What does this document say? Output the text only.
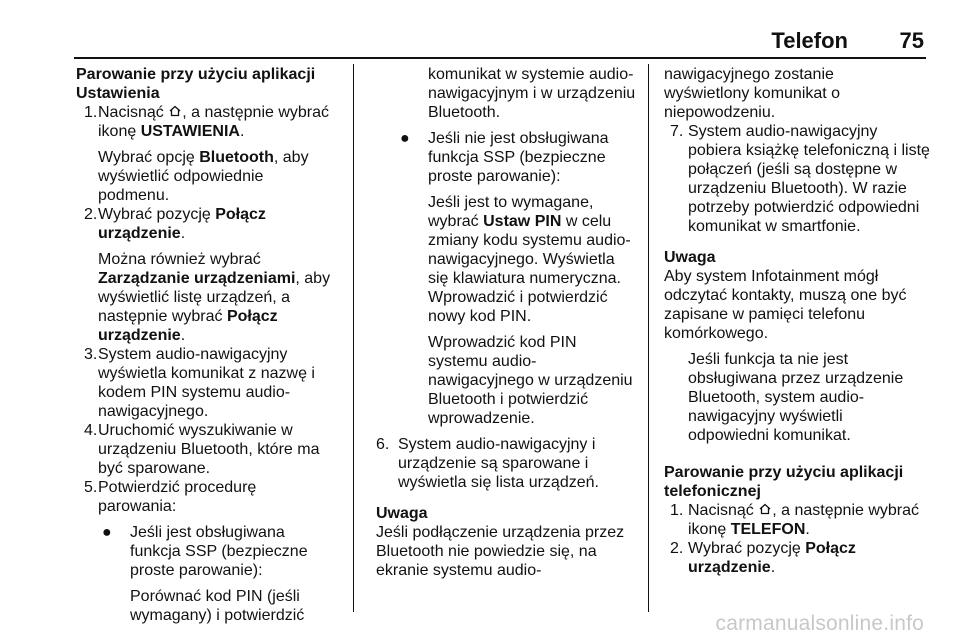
Telefon 75
Parowanie przy użyciu aplikacji
Ustawienia
1. Nacisnąć , a następnie wybrać
ikonę USTAWIENIA.
Wybrać opcję Bluetooth, aby
wyświetlić odpowiednie
podmenu.
2. Wybrać pozycję Połącz
urządzenie.
Można również wybrać
Zarządzanie urządzeniami, aby
wyświetlić listę urządzeń, a
następnie wybrać Połącz
urządzenie.
3. System audio-nawigacyjny
wyświetla komunikat z nazwę i
kodem PIN systemu audio-
nawigacyjnego.
4. Uruchomić wyszukiwanie w
urządzeniu Bluetooth, które ma
być sparowane.
5. Potwierdzić procedurę
parowania:
● Jeśli jest obsługiwana
funkcja SSP (bezpieczne
proste parowanie):
Porównać kod PIN (jeśli
wymagany) i potwierdzić
komunikat w systemie audio-
nawigacyjnym i w urządzeniu
Bluetooth.
● Jeśli nie jest obsługiwana
funkcja SSP (bezpieczne
proste parowanie):
Jeśli jest to wymagane,
wybrać Ustaw PIN w celu
zmiany kodu systemu audio-
nawigacyjnego. Wyświetla
się klawiatura numeryczna.
Wprowadzić i potwierdzić
nowy kod PIN.
Wprowadzić kod PIN
systemu audio-
nawigacyjnego w urządzeniu
Bluetooth i potwierdzić
wprowadzenie.
6. System audio-nawigacyjny i
urządzenie są sparowane i
wyświetla się lista urządzeń.
Uwaga
Jeśli podłączenie urządzenia przez
Bluetooth nie powiedzie się, na
ekranie systemu audio-
nawigacyjnego zostanie
wyświetlony komunikat o
niepowodzeniu.
7. System audio-nawigacyjny
pobiera książkę telefoniczną i listę
połączeń (jeśli są dostępne w
urządzeniu Bluetooth). W razie
potrzeby potwierdzić odpowiedni
komunikat w smartfonie.
Uwaga
Aby system Infotainment mógł
odczytać kontakty, muszą one być
zapisane w pamięci telefonu
komórkowego.
Jeśli funkcja ta nie jest
obsługiwana przez urządzenie
Bluetooth, system audio-
nawigacyjny wyświetli
odpowiedni komunikat.
Parowanie przy użyciu aplikacji
telefonicznej
1. Nacisnąć , a następnie wybrać
ikonę TELEFON.
2. Wybrać pozycję Połącz
urządzenie.
carmanualsonline.info
